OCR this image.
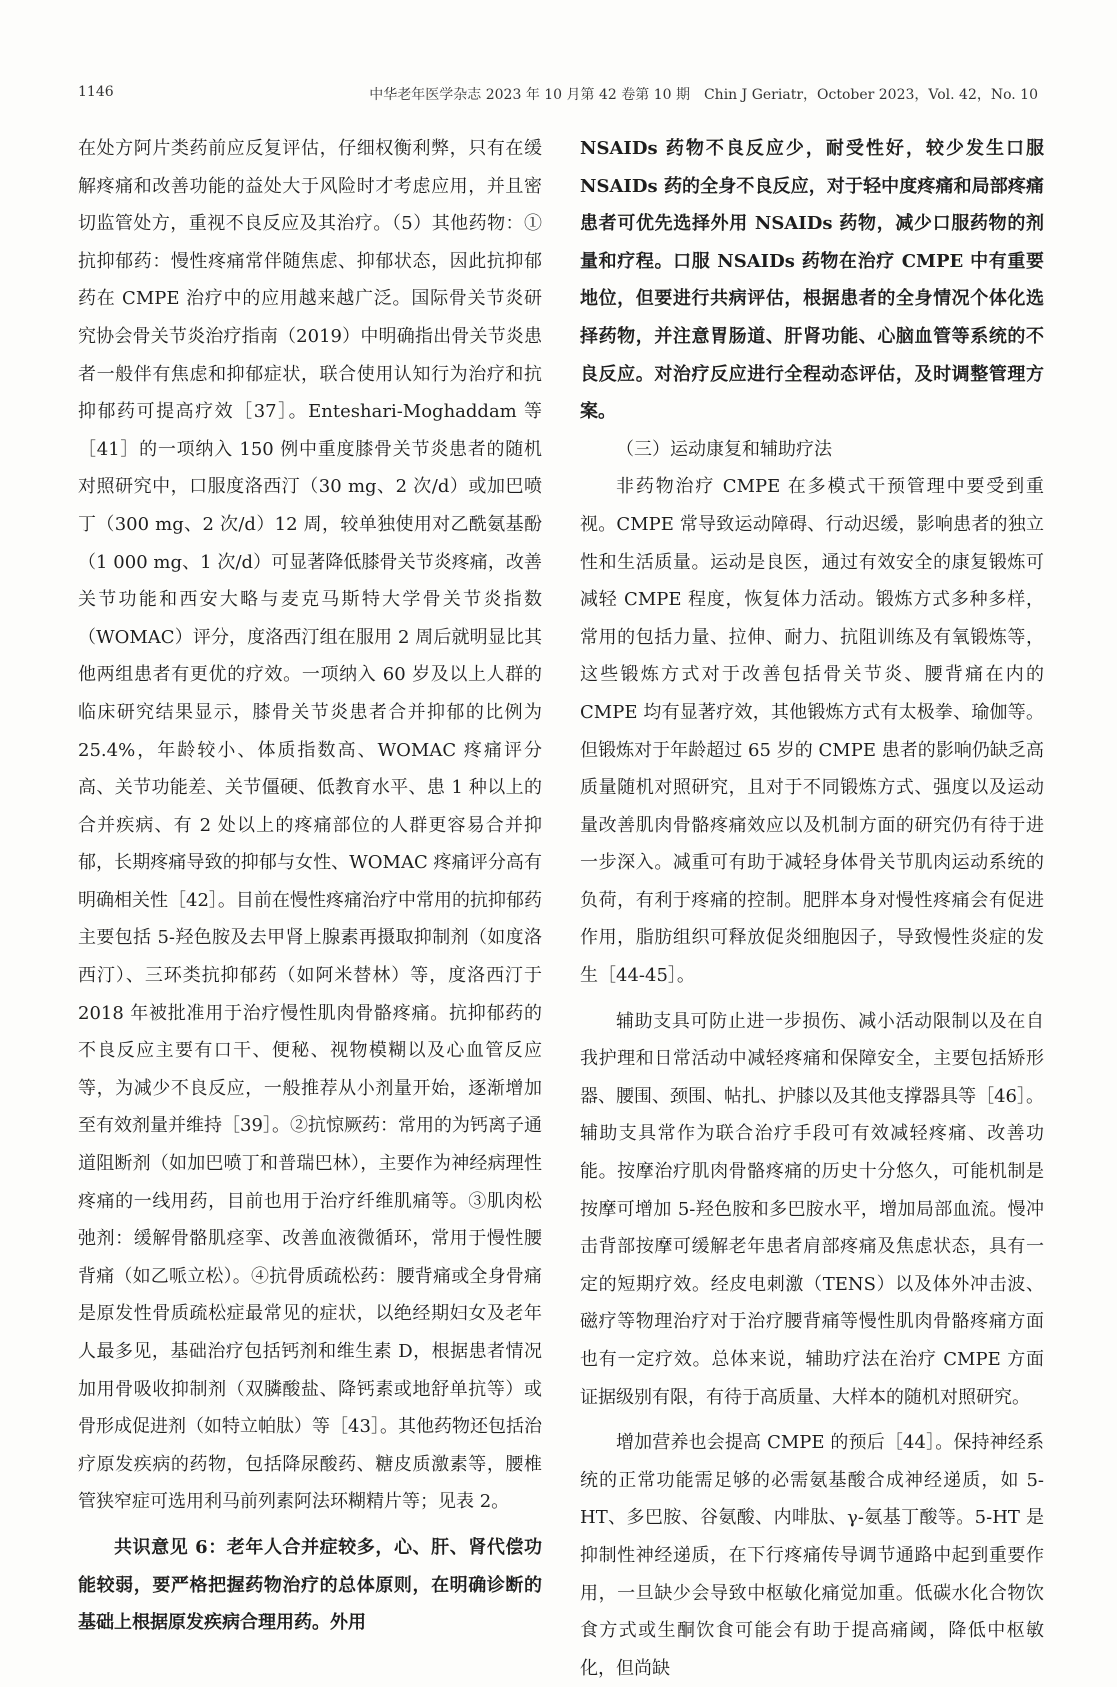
1146	中华老年医学杂志 2023 年 10 月第 42 卷第 10 期　Chin J Geriatr，October 2023，Vol. 42，No. 10

在处方阿片类药前应反复评估，仔细权衡利弊，只有在缓解疼痛和改善功能的益处大于风险时才考虑应用，并且密切监管处方，重视不良反应及其治疗。（5）其他药物：①抗抑郁药：慢性疼痛常伴随焦虑、抑郁状态，因此抗抑郁药在 CMPE 治疗中的应用越来越广泛。国际骨关节炎研究协会骨关节炎治疗指南（2019）中明确指出骨关节炎患者一般伴有焦虑和抑郁症状，联合使用认知行为治疗和抗抑郁药可提高疗效［37］。Enteshari-Moghaddam 等［41］的一项纳入 150 例中重度膝骨关节炎患者的随机对照研究中，口服度洛西汀（30 mg、2 次/d）或加巴喷丁（300 mg、2 次/d）12 周，较单独使用对乙酰氨基酚（1 000 mg、1 次/d）可显著降低膝骨关节炎疼痛，改善关节功能和西安大略与麦克马斯特大学骨关节炎指数（WOMAC）评分，度洛西汀组在服用 2 周后就明显比其他两组患者有更优的疗效。一项纳入 60 岁及以上人群的临床研究结果显示，膝骨关节炎患者合并抑郁的比例为 25.4%，年龄较小、体质指数高、WOMAC 疼痛评分高、关节功能差、关节僵硬、低教育水平、患 1 种以上的合并疾病、有 2 处以上的疼痛部位的人群更容易合并抑郁，长期疼痛导致的抑郁与女性、WOMAC 疼痛评分高有明确相关性［42］。目前在慢性疼痛治疗中常用的抗抑郁药主要包括 5-羟色胺及去甲肾上腺素再摄取抑制剂（如度洛西汀）、三环类抗抑郁药（如阿米替林）等，度洛西汀于 2018 年被批准用于治疗慢性肌肉骨骼疼痛。抗抑郁药的不良反应主要有口干、便秘、视物模糊以及心血管反应等，为减少不良反应，一般推荐从小剂量开始，逐渐增加至有效剂量并维持［39］。②抗惊厥药：常用的为钙离子通道阻断剂（如加巴喷丁和普瑞巴林），主要作为神经病理性疼痛的一线用药，目前也用于治疗纤维肌痛等。③肌肉松弛剂：缓解骨骼肌痉挛、改善血液微循环，常用于慢性腰背痛（如乙哌立松）。④抗骨质疏松药：腰背痛或全身骨痛是原发性骨质疏松症最常见的症状，以绝经期妇女及老年人最多见，基础治疗包括钙剂和维生素 D，根据患者情况加用骨吸收抑制剂（双膦酸盐、降钙素或地舒单抗等）或骨形成促进剂（如特立帕肽）等［43］。其他药物还包括治疗原发疾病的药物，包括降尿酸药、糖皮质激素等，腰椎管狭窄症可选用利马前列素阿法环糊精片等；见表 2。

共识意见 6：老年人合并症较多，心、肝、肾代偿功能较弱，要严格把握药物治疗的总体原则，在明确诊断的基础上根据原发疾病合理用药。外用

NSAIDs 药物不良反应少，耐受性好，较少发生口服 NSAIDs 药的全身不良反应，对于轻中度疼痛和局部疼痛患者可优先选择外用 NSAIDs 药物，减少口服药物的剂量和疗程。口服 NSAIDs 药物在治疗 CMPE 中有重要地位，但要进行共病评估，根据患者的全身情况个体化选择药物，并注意胃肠道、肝肾功能、心脑血管等系统的不良反应。对治疗反应进行全程动态评估，及时调整管理方案。

（三）运动康复和辅助疗法

非药物治疗 CMPE 在多模式干预管理中要受到重视。CMPE 常导致运动障碍、行动迟缓，影响患者的独立性和生活质量。运动是良医，通过有效安全的康复锻炼可减轻 CMPE 程度，恢复体力活动。锻炼方式多种多样，常用的包括力量、拉伸、耐力、抗阻训练及有氧锻炼等，这些锻炼方式对于改善包括骨关节炎、腰背痛在内的 CMPE 均有显著疗效，其他锻炼方式有太极拳、瑜伽等。但锻炼对于年龄超过 65 岁的 CMPE 患者的影响仍缺乏高质量随机对照研究，且对于不同锻炼方式、强度以及运动量改善肌肉骨骼疼痛效应以及机制方面的研究仍有待于进一步深入。减重可有助于减轻身体骨关节肌肉运动系统的负荷，有利于疼痛的控制。肥胖本身对慢性疼痛会有促进作用，脂肪组织可释放促炎细胞因子，导致慢性炎症的发生［44-45］。

辅助支具可防止进一步损伤、减小活动限制以及在自我护理和日常活动中减轻疼痛和保障安全，主要包括矫形器、腰围、颈围、帖扎、护膝以及其他支撑器具等［46］。辅助支具常作为联合治疗手段可有效减轻疼痛、改善功能。按摩治疗肌肉骨骼疼痛的历史十分悠久，可能机制是按摩可增加 5-羟色胺和多巴胺水平，增加局部血流。慢冲击背部按摩可缓解老年患者肩部疼痛及焦虑状态，具有一定的短期疗效。经皮电刺激（TENS）以及体外冲击波、磁疗等物理治疗对于治疗腰背痛等慢性肌肉骨骼疼痛方面也有一定疗效。总体来说，辅助疗法在治疗 CMPE 方面证据级别有限，有待于高质量、大样本的随机对照研究。

增加营养也会提高 CMPE 的预后［44］。保持神经系统的正常功能需足够的必需氨基酸合成神经递质，如 5-HT、多巴胺、谷氨酸、内啡肽、γ-氨基丁酸等。5-HT 是抑制性神经递质，在下行疼痛传导调节通路中起到重要作用，一旦缺少会导致中枢敏化痛觉加重。低碳水化合物饮食方式或生酮饮食可能会有助于提高痛阈，降低中枢敏化，但尚缺
